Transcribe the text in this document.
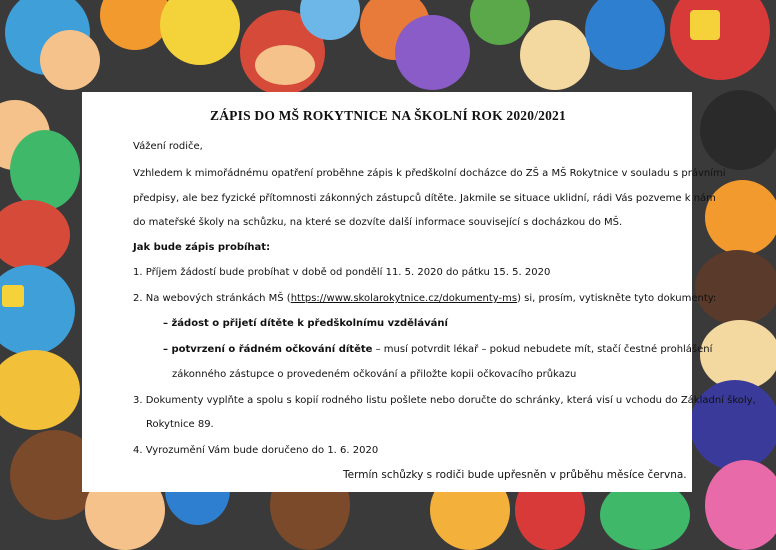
ZÁPIS DO MŠ ROKYTNICE NA ŠKOLNÍ ROK 2020/2021
Vážení rodiče,
Vzhledem k mimořádnému opatření proběhne zápis k předškolní docházce do ZŠ a MŠ Rokytnice v souladu s právními
předpisy, ale bez fyzické přítomnosti zákonných zástupců dítěte. Jakmile se situace uklidní, rádi Vás pozveme k nám
do mateřské školy na schůzku, na které se dozvíte další informace související s docházkou do MŠ.
Jak bude zápis probíhat:
1. Příjem žádostí bude probíhat v době od pondělí 11. 5. 2020 do pátku 15. 5. 2020
2. Na webových stránkách MŠ (https://www.skolarokytnice.cz/dokumenty-ms) si, prosím, vytiskněte tyto dokumenty:
– žádost o přijetí dítěte k předškolnímu vzdělávání
– potvrzení o řádném očkování dítěte – musí potvrdit lékař – pokud nebudete mít, stačí čestné prohlášení
zákonného zástupce o provedeném očkování a přiložte kopii očkovacího průkazu
3. Dokumenty vyplňte a spolu s kopií rodného listu pošlete nebo doručte do schránky, která visí u vchodu do Základní školy,
Rokytnice 89.
4. Vyrozumění Vám bude doručeno do 1. 6. 2020
Termín schůzky s rodiči bude upřesněn v průběhu měsíce června.
